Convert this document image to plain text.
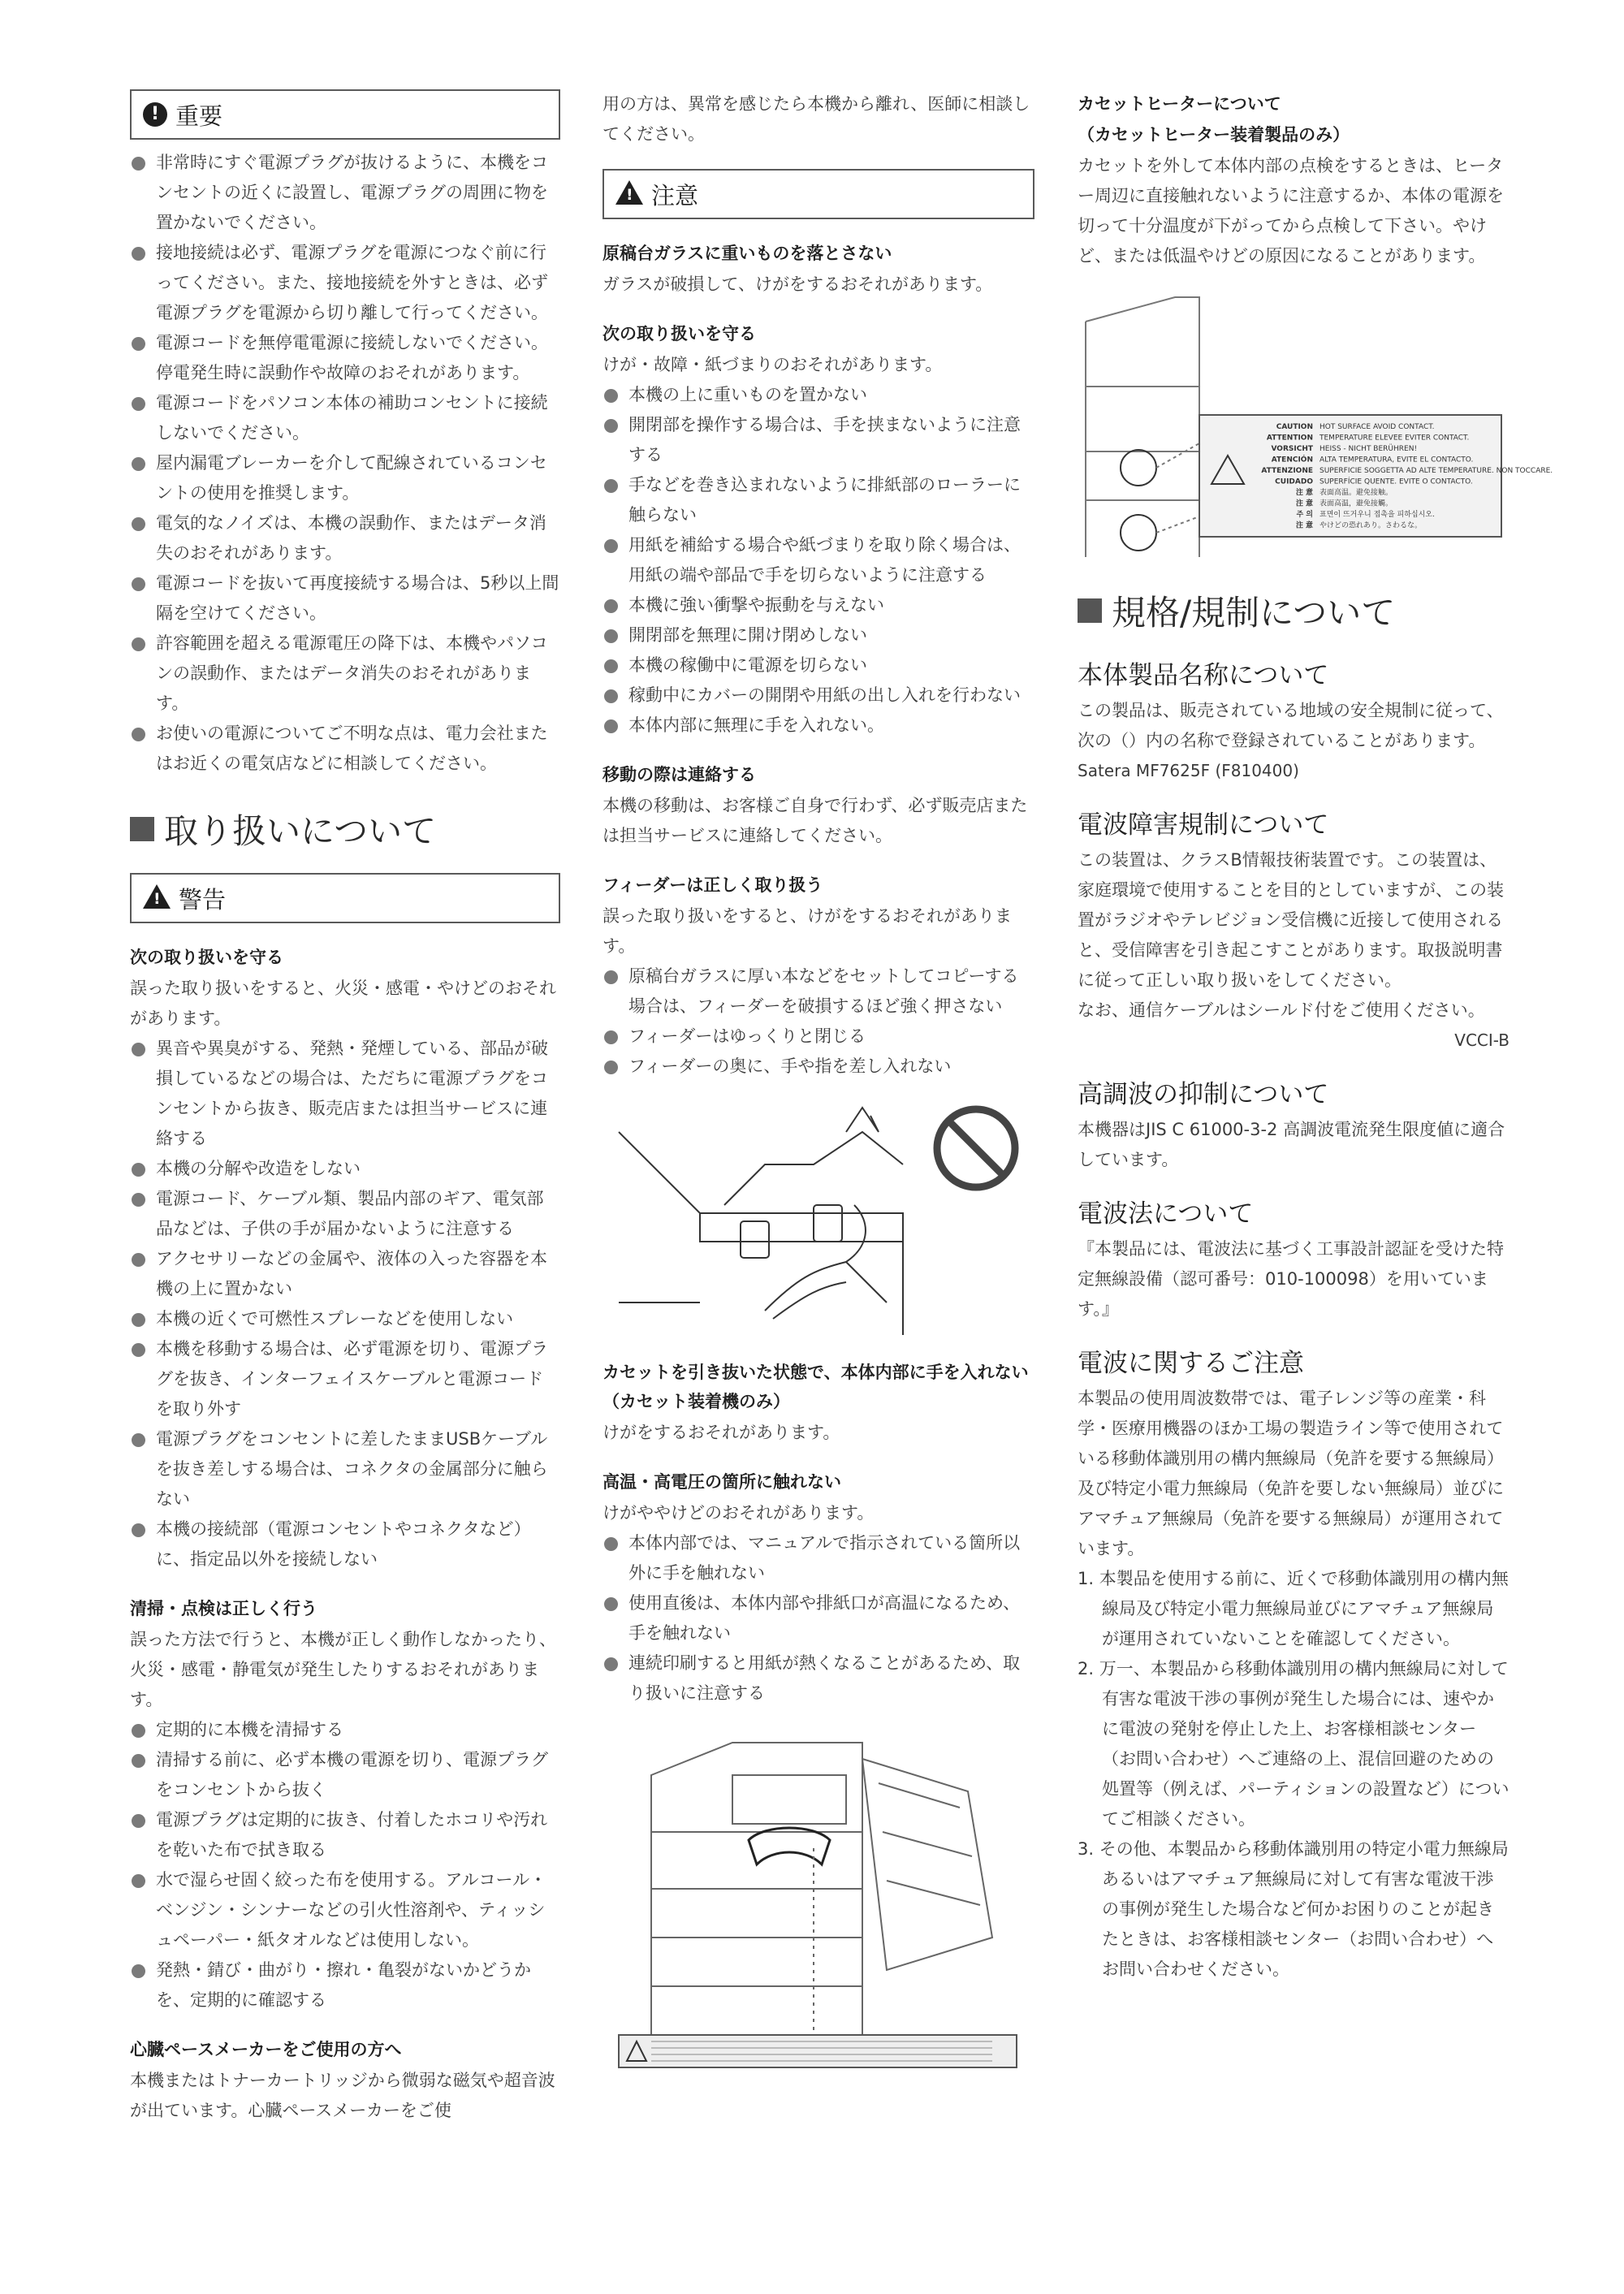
! 重要
非常時にすぐ電源プラグが抜けるように、本機をコンセントの近くに設置し、電源プラグの周囲に物を置かないでください。
接地接続は必ず、電源プラグを電源につなぐ前に行ってください。また、接地接続を外すときは、必ず電源プラグを電源から切り離して行ってください。
電源コードを無停電電源に接続しないでください。停電発生時に誤動作や故障のおそれがあります。
電源コードをパソコン本体の補助コンセントに接続しないでください。
屋内漏電ブレーカーを介して配線されているコンセントの使用を推奨します。
電気的なノイズは、本機の誤動作、またはデータ消失のおそれがあります。
電源コードを抜いて再度接続する場合は、5秒以上間隔を空けてください。
許容範囲を超える電源電圧の降下は、本機やパソコンの誤動作、またはデータ消失のおそれがあります。
お使いの電源についてご不明な点は、電力会社またはお近くの電気店などに相談してください。
取り扱いについて
!
警告
次の取り扱いを守る

誤った取り扱いをすると、火災・感電・やけどのおそれがあります。

異音や異臭がする、発熱・発煙している、部品が破損しているなどの場合は、ただちに電源プラグをコンセントから抜き、販売店または担当サービスに連絡する
本機の分解や改造をしない
電源コード、ケーブル類、製品内部のギア、電気部品などは、子供の手が届かないように注意する
アクセサリーなどの金属や、液体の入った容器を本機の上に置かない
本機の近くで可燃性スプレーなどを使用しない
本機を移動する場合は、必ず電源を切り、電源プラグを抜き、インターフェイスケーブルと電源コードを取り外す
電源プラグをコンセントに差したままUSBケーブルを抜き差しする場合は、コネクタの金属部分に触らない
本機の接続部（電源コンセントやコネクタなど）に、指定品以外を接続しない
清掃・点検は正しく行う

誤った方法で行うと、本機が正しく動作しなかったり、火災・感電・静電気が発生したりするおそれがあります。

定期的に本機を清掃する
清掃する前に、必ず本機の電源を切り、電源プラグをコンセントから抜く
電源プラグは定期的に抜き、付着したホコリや汚れを乾いた布で拭き取る
水で湿らせ固く絞った布を使用する。アルコール・ベンジン・シンナーなどの引火性溶剤や、ティッシュペーパー・紙タオルなどは使用しない。
発熱・錆び・曲がり・擦れ・亀裂がないかどうかを、定期的に確認する
心臓ペースメーカーをご使用の方へ

本機またはトナーカートリッジから微弱な磁気や超音波が出ています。心臓ペースメーカーをご使

用の方は、異常を感じたら本機から離れ、医師に相談してください。

!
注意
原稿台ガラスに重いものを落とさない

ガラスが破損して、けがをするおそれがあります。

次の取り扱いを守る

けが・故障・紙づまりのおそれがあります。

本機の上に重いものを置かない
開閉部を操作する場合は、手を挟まないように注意する
手などを巻き込まれないように排紙部のローラーに触らない
用紙を補給する場合や紙づまりを取り除く場合は、用紙の端や部品で手を切らないように注意する
本機に強い衝撃や振動を与えない
開閉部を無理に開け閉めしない
本機の稼働中に電源を切らない
稼動中にカバーの開閉や用紙の出し入れを行わない
本体内部に無理に手を入れない。
移動の際は連絡する

本機の移動は、お客様ご自身で行わず、必ず販売店または担当サービスに連絡してください。

フィーダーは正しく取り扱う

誤った取り扱いをすると、けがをするおそれがあります。

原稿台ガラスに厚い本などをセットしてコピーする場合は、フィーダーを破損するほど強く押さない
フィーダーはゆっくりと閉じる
フィーダーの奥に、手や指を差し入れない
カセットを引き抜いた状態で、本体内部に手を入れない（カセット装着機のみ）

けがをするおそれがあります。

高温・高電圧の箇所に触れない

けがややけどのおそれがあります。

本体内部では、マニュアルで指示されている箇所以外に手を触れない
使用直後は、本体内部や排紙口が高温になるため、手を触れない
連続印刷すると用紙が熱くなることがあるため、取り扱いに注意する
カセットヒーターについて
（カセットヒーター装着製品のみ）

カセットを外して本体内部の点検をするときは、ヒーター周辺に直接触れないように注意するか、本体の電源を切って十分温度が下がってから点検して下さい。やけど、または低温やけどの原因になることがあります。

CAUTION HOT SURFACE AVOID CONTACT.
ATTENTION TEMPERATURE ELEVEE EVITER CONTACT.
VORSICHT HEISS - NICHT BERÜHREN!
ATENCIÓN ALTA TEMPERATURA, EVITE EL CONTACTO.
ATTENZIONE SUPERFICIE SOGGETTA AD ALTE TEMPERATURE. NON TOCCARE.
CUIDADO SUPERFÍCIE QUENTE. EVITE O CONTACTO.
注 意 表面高温。避免接触。
注 意 表面高温，避免接觸。
주 의 표면이 뜨거우니 접촉을 피하십시오.
注 意 やけどの恐れあり。さわるな。
規格/規制について
本体製品名称について

この製品は、販売されている地域の安全規制に従って、次の（）内の名称で登録されていることがあります。

Satera MF7625F (F810400)

電波障害規制について

この装置は、クラスB情報技術装置です。この装置は、家庭環境で使用することを目的としていますが、この装置がラジオやテレビジョン受信機に近接して使用されると、受信障害を引き起こすことがあります。取扱説明書に従って正しい取り扱いをしてください。

なお、通信ケーブルはシールド付をご使用ください。

VCCI-B

高調波の抑制について

本機器はJIS C 61000-3-2 高調波電流発生限度値に適合しています。

電波法について

『本製品には、電波法に基づく工事設計認証を受けた特定無線設備（認可番号：010-100098）を用いています。』

電波に関するご注意

本製品の使用周波数帯では、電子レンジ等の産業・科学・医療用機器のほか工場の製造ライン等で使用されている移動体識別用の構内無線局（免許を要する無線局）及び特定小電力無線局（免許を要しない無線局）並びにアマチュア無線局（免許を要する無線局）が運用されています。

1. 本製品を使用する前に、近くで移動体識別用の構内無線局及び特定小電力無線局並びにアマチュア無線局が運用されていないことを確認してください。
2. 万一、本製品から移動体識別用の構内無線局に対して有害な電波干渉の事例が発生した場合には、速やかに電波の発射を停止した上、お客様相談センター（お問い合わせ）へご連絡の上、混信回避のための処置等（例えば、パーティションの設置など）についてご相談ください。
3. その他、本製品から移動体識別用の特定小電力無線局あるいはアマチュア無線局に対して有害な電波干渉の事例が発生した場合など何かお困りのことが起きたときは、お客様相談センター（お問い合わせ）へお問い合わせください。
